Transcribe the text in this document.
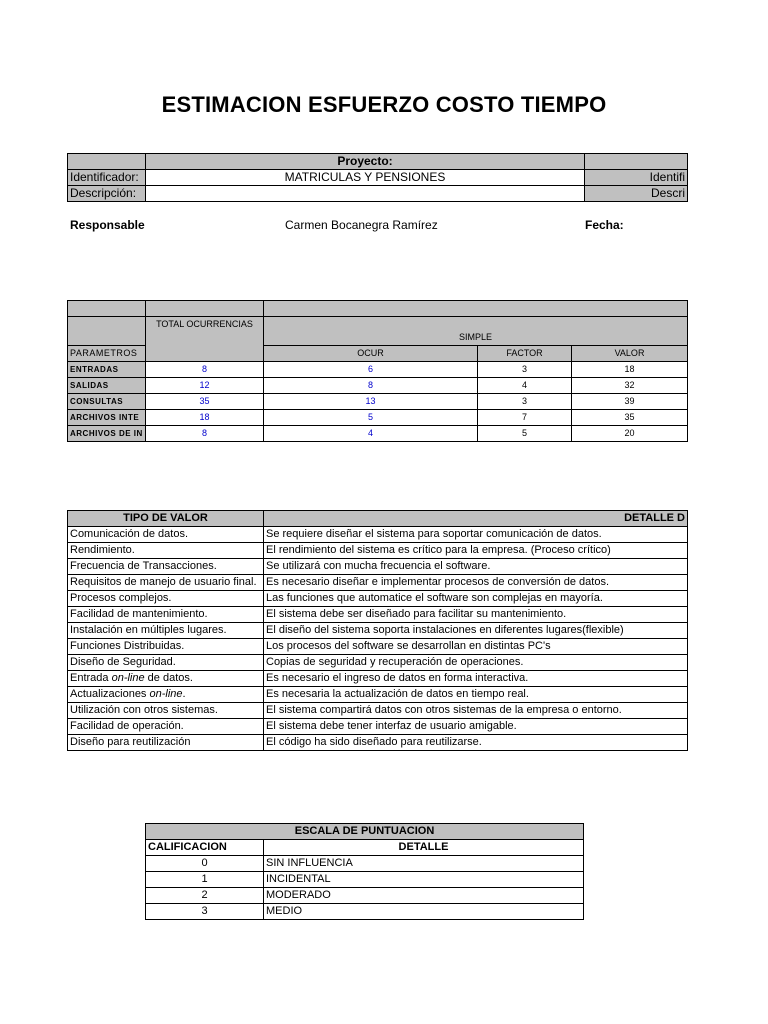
ESTIMACION ESFUERZO COSTO TIEMPO
	Proyecto:	
Identificador:	MATRICULAS Y PENSIONES	Identifi
Descripción:		Descri
Responsable	Carmen Bocanegra Ramírez	Fecha:

	TOTAL OCURRENCIAS	SIMPLE		
PARAMETROS		OCUR	FACTOR	VALOR
ENTRADAS	8	6	3	18
SALIDAS	12	8	4	32
CONSULTAS	35	13	3	39
ARCHIVOS INTE	18	5	7	35
ARCHIVOS DE IN	8	4	5	20
TIPO DE VALOR	DETALLE D
Comunicación de datos.	Se requiere diseñar el sistema para soportar comunicación de datos.
Rendimiento.	El rendimiento del sistema es crítico para la empresa. (Proceso crítico)
Frecuencia de Transacciones.	Se utilizará con mucha frecuencia el software.
Requisitos de manejo de usuario final.	Es necesario diseñar e implementar procesos de conversión de datos.
Procesos complejos.	Las funciones que automatice el software son complejas en mayoría.
Facilidad de mantenimiento.	El sistema debe ser diseñado para facilitar su mantenimiento.
Instalación en múltiples lugares.	El diseño del sistema soporta instalaciones en diferentes lugares(flexible)
Funciones Distribuidas.	Los procesos del software se desarrollan en distintas PC's
Diseño de Seguridad.	Copias de seguridad y recuperación de operaciones.
Entrada on-line de datos.	Es necesario el ingreso de datos en forma interactiva.
Actualizaciones on-line.	Es necesaria la actualización de datos en tiempo real.
Utilización con otros sistemas.	El sistema compartirá datos con otros sistemas de la empresa o entorno.
Facilidad de operación.	El sistema debe tener interfaz de usuario amigable.
Diseño para reutilización	El código ha sido diseñado para reutilizarse.
ESCALA DE PUNTUACION	
CALIFICACION	DETALLE
0	SIN INFLUENCIA
1	INCIDENTAL
2	MODERADO
3	MEDIO
